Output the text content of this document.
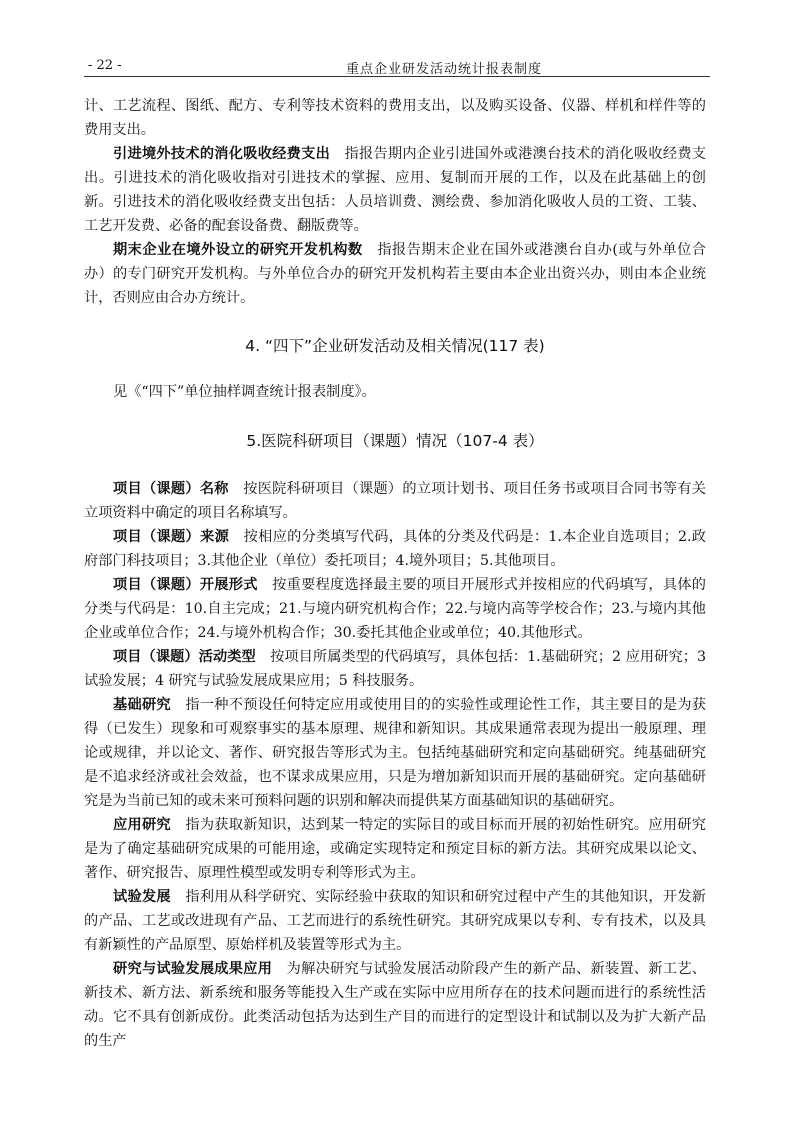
- 22 -	重点企业研发活动统计报表制度

计、工艺流程、图纸、配方、专利等技术资料的费用支出，以及购买设备、仪器、样机和样件等的费用支出。

引进境外技术的消化吸收经费支出　指报告期内企业引进国外或港澳台技术的消化吸收经费支出。引进技术的消化吸收指对引进技术的掌握、应用、复制而开展的工作，以及在此基础上的创新。引进技术的消化吸收经费支出包括：人员培训费、测绘费、参加消化吸收人员的工资、工装、工艺开发费、必备的配套设备费、翻版费等。

期末企业在境外设立的研究开发机构数　指报告期末企业在国外或港澳台自办(或与外单位合办）的专门研究开发机构。与外单位合办的研究开发机构若主要由本企业出资兴办，则由本企业统计，否则应由合办方统计。

4. “四下”企业研发活动及相关情况(117 表)

见《“四下”单位抽样调查统计报表制度》。

5.医院科研项目（课题）情况（107-4 表）

项目（课题）名称　按医院科研项目（课题）的立项计划书、项目任务书或项目合同书等有关立项资料中确定的项目名称填写。

项目（课题）来源　按相应的分类填写代码，具体的分类及代码是：1.本企业自选项目；2.政府部门科技项目；3.其他企业（单位）委托项目；4.境外项目；5.其他项目。

项目（课题）开展形式　按重要程度选择最主要的项目开展形式并按相应的代码填写，具体的分类与代码是：10.自主完成；21.与境内研究机构合作；22.与境内高等学校合作；23.与境内其他企业或单位合作；24.与境外机构合作；30.委托其他企业或单位；40.其他形式。

项目（课题）活动类型　按项目所属类型的代码填写，具体包括：1.基础研究；2 应用研究；3 试验发展；4 研究与试验发展成果应用；5 科技服务。

基础研究　指一种不预设任何特定应用或使用目的的实验性或理论性工作，其主要目的是为获得（已发生）现象和可观察事实的基本原理、规律和新知识。其成果通常表现为提出一般原理、理论或规律，并以论文、著作、研究报告等形式为主。包括纯基础研究和定向基础研究。纯基础研究是不追求经济或社会效益，也不谋求成果应用，只是为增加新知识而开展的基础研究。定向基础研究是为当前已知的或未来可预料问题的识别和解决而提供某方面基础知识的基础研究。

应用研究　指为获取新知识，达到某一特定的实际目的或目标而开展的初始性研究。应用研究是为了确定基础研究成果的可能用途，或确定实现特定和预定目标的新方法。其研究成果以论文、著作、研究报告、原理性模型或发明专利等形式为主。

试验发展　指利用从科学研究、实际经验中获取的知识和研究过程中产生的其他知识，开发新的产品、工艺或改进现有产品、工艺而进行的系统性研究。其研究成果以专利、专有技术，以及具有新颖性的产品原型、原始样机及装置等形式为主。

研究与试验发展成果应用　为解决研究与试验发展活动阶段产生的新产品、新装置、新工艺、新技术、新方法、新系统和服务等能投入生产或在实际中应用所存在的技术问题而进行的系统性活动。它不具有创新成份。此类活动包括为达到生产目的而进行的定型设计和试制以及为扩大新产品的生产
